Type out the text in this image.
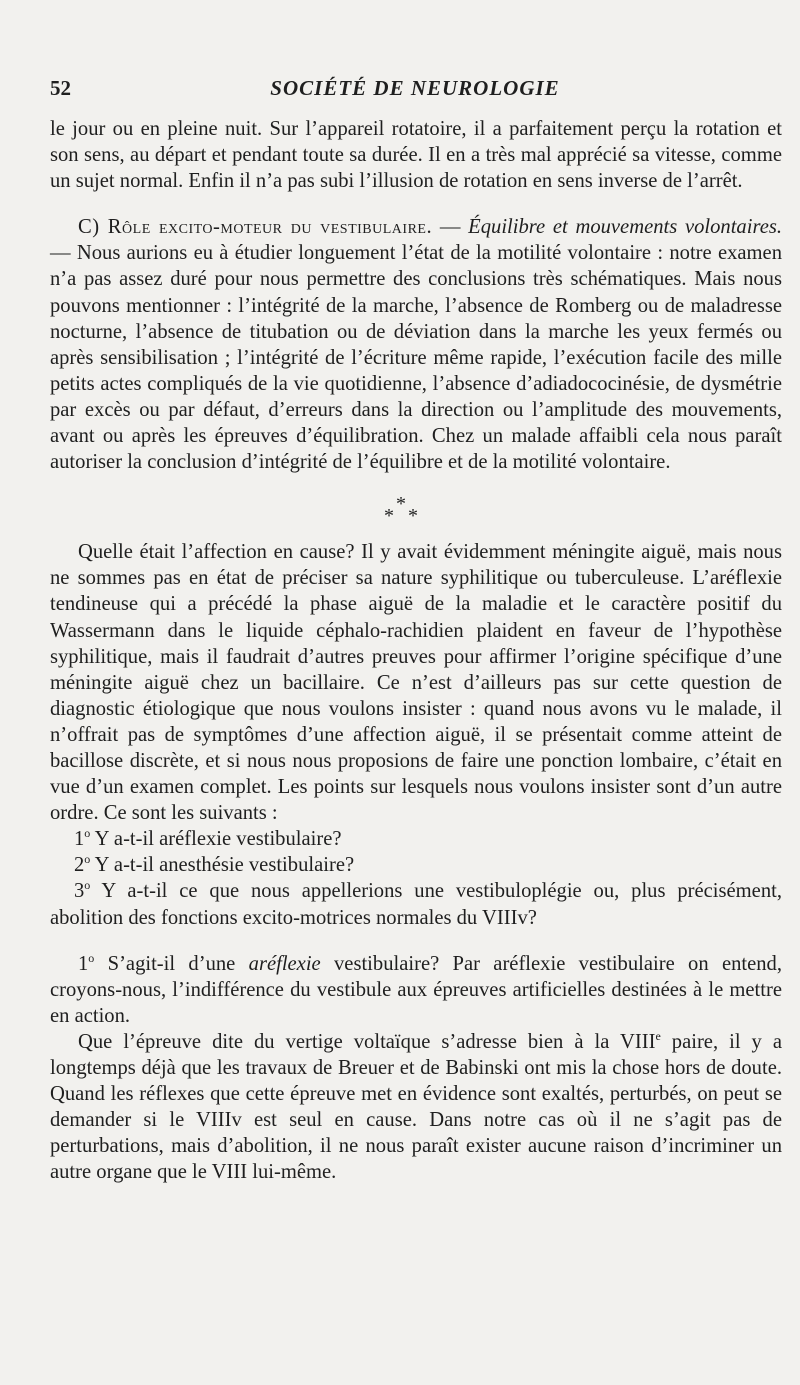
52	SOCIÉTÉ DE NEUROLOGIE

le jour ou en pleine nuit. Sur l’appareil rotatoire, il a parfaitement perçu la rotation et son sens, au départ et pendant toute sa durée. Il en a très mal apprécié sa vitesse, comme un sujet normal. Enfin il n’a pas subi l’illusion de rotation en sens inverse de l’arrêt.

C) Rôle excito-moteur du vestibulaire. — Équilibre et mouvements volontaires. — Nous aurions eu à étudier longuement l’état de la motilité volontaire : notre examen n’a pas assez duré pour nous permettre des conclusions très schématiques. Mais nous pouvons mentionner : l’intégrité de la marche, l’absence de Romberg ou de maladresse nocturne, l’absence de titubation ou de déviation dans la marche les yeux fermés ou après sensibilisation ; l’intégrité de l’écriture même rapide, l’exécution facile des mille petits actes compliqués de la vie quotidienne, l’absence d’adiadococinésie, de dysmétrie par excès ou par défaut, d’erreurs dans la direction ou l’amplitude des mouvements, avant ou après les épreuves d’équilibration. Chez un malade affaibli cela nous paraît autoriser la conclusion d’intégrité de l’équilibre et de la motilité volontaire.

*
* *

Quelle était l’affection en cause? Il y avait évidemment méningite aiguë, mais nous ne sommes pas en état de préciser sa nature syphilitique ou tuberculeuse. L’aréflexie tendineuse qui a précédé la phase aiguë de la maladie et le caractère positif du Wassermann dans le liquide céphalo-rachidien plaident en faveur de l’hypothèse syphilitique, mais il faudrait d’autres preuves pour affirmer l’origine spécifique d’une méningite aiguë chez un bacillaire. Ce n’est d’ailleurs pas sur cette question de diagnostic étiologique que nous voulons insister : quand nous avons vu le malade, il n’offrait pas de symptômes d’une affection aiguë, il se présentait comme atteint de bacillose discrète, et si nous nous proposions de faire une ponction lombaire, c’était en vue d’un examen complet. Les points sur lesquels nous voulons insister sont d’un autre ordre. Ce sont les suivants :

1$^o$ Y a-t-il aréflexie vestibulaire?

2$^o$ Y a-t-il anesthésie vestibulaire?

3$^o$ Y a-t-il ce que nous appellerions une vestibuloplégie ou, plus précisément, abolition des fonctions excito-motrices normales du VIIIv?

1$^o$ S’agit-il d’une aréflexie vestibulaire? Par aréflexie vestibulaire on entend, croyons-nous, l’indifférence du vestibule aux épreuves artificielles destinées à le mettre en action.

Que l’épreuve dite du vertige voltaïque s’adresse bien à la VIIIe paire, il y a longtemps déjà que les travaux de Breuer et de Babinski ont mis la chose hors de doute. Quand les réflexes que cette épreuve met en évidence sont exaltés, perturbés, on peut se demander si le VIIIv est seul en cause. Dans notre cas où il ne s’agit pas de perturbations, mais d’abolition, il ne nous paraît exister aucune raison d’incriminer un autre organe que le VIII lui-même.
